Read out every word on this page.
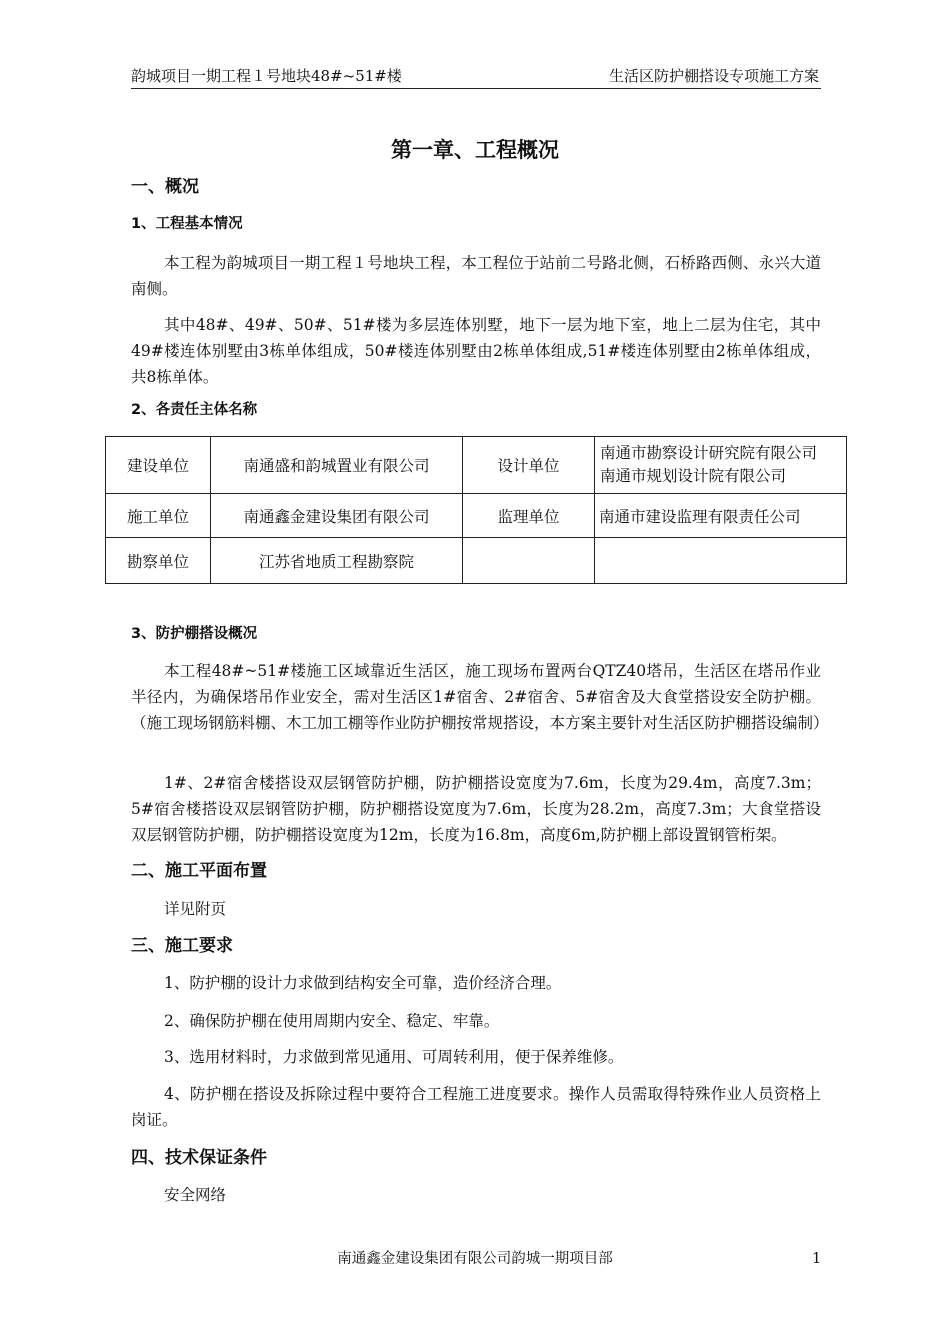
韵城项目一期工程１号地块48#~51#楼	生活区防护棚搭设专项施工方案
第一章、工程概况
一、概况
1、工程基本情况

本工程为韵城项目一期工程１号地块工程，本工程位于站前二号路北侧，石桥路西侧、永兴大道南侧。

其中48#、49#、50#、51#楼为多层连体别墅，地下一层为地下室，地上二层为住宅，其中49#楼连体别墅由3栋单体组成，50#楼连体别墅由2栋单体组成,51#楼连体别墅由2栋单体组成，共8栋单体。

2、各责任主体名称
建设单位	南通盛和韵城置业有限公司	设计单位	南通市勘察设计研究院有限公司
南通市规划设计院有限公司

施工单位	南通鑫金建设集团有限公司	监理单位	南通市建设监理有限责任公司
勘察单位	江苏省地质工程勘察院		
3、防护棚搭设概况

本工程48#~51#楼施工区域靠近生活区，施工现场布置两台QTZ40塔吊，生活区在塔吊作业半径内，为确保塔吊作业安全，需对生活区1#宿舍、2#宿舍、5#宿舍及大食堂搭设安全防护棚。（施工现场钢筋料棚、木工加工棚等作业防护棚按常规搭设，本方案主要针对生活区防护棚搭设编制）

1#、2#宿舍楼搭设双层钢管防护棚，防护棚搭设宽度为7.6m，长度为29.4m，高度7.3m；5#宿舍楼搭设双层钢管防护棚，防护棚搭设宽度为7.6m，长度为28.2m，高度7.3m；大食堂搭设双层钢管防护棚，防护棚搭设宽度为12m，长度为16.8m，高度6m,防护棚上部设置钢管桁架。

二、施工平面布置
详见附页
三、施工要求
1、防护棚的设计力求做到结构安全可靠，造价经济合理。
2、确保防护棚在使用周期内安全、稳定、牢靠。
3、选用材料时，力求做到常见通用、可周转利用，便于保养维修。

4、防护棚在搭设及拆除过程中要符合工程施工进度要求。操作人员需取得特殊作业人员资格上岗证。

四、技术保证条件
安全网络
南通鑫金建设集团有限公司韵城一期项目部	1
